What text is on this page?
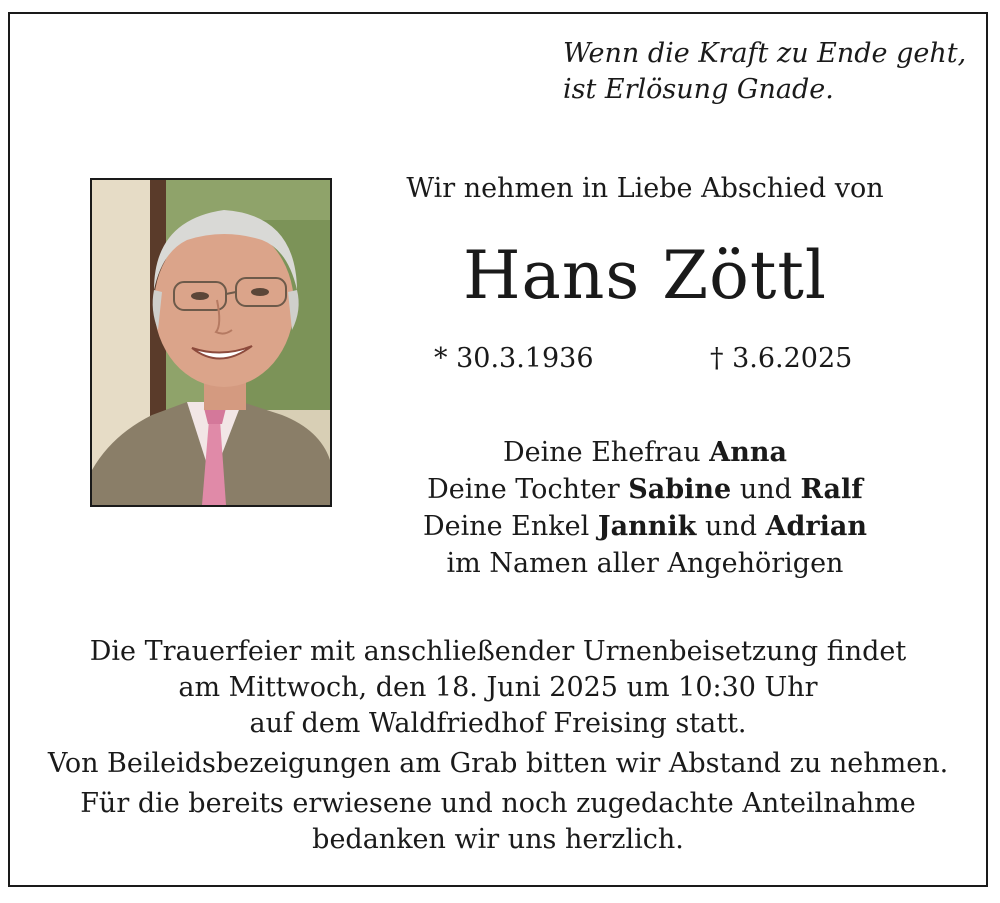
Wenn die Kraft zu Ende geht,
ist Erlösung Gnade.
Wir nehmen in Liebe Abschied von
Hans Zöttl
* 30.3.1936	† 3.6.2025
Deine Ehefrau Anna
Deine Tochter Sabine und Ralf
Deine Enkel Jannik und Adrian
im Namen aller Angehörigen
Die Trauerfeier mit anschließender Urnenbeisetzung findet
am Mittwoch, den 18. Juni 2025 um 10:30 Uhr
auf dem Waldfriedhof Freising statt.
Von Beileidsbezeigungen am Grab bitten wir Abstand zu nehmen.
Für die bereits erwiesene und noch zugedachte Anteilnahme
bedanken wir uns herzlich.
